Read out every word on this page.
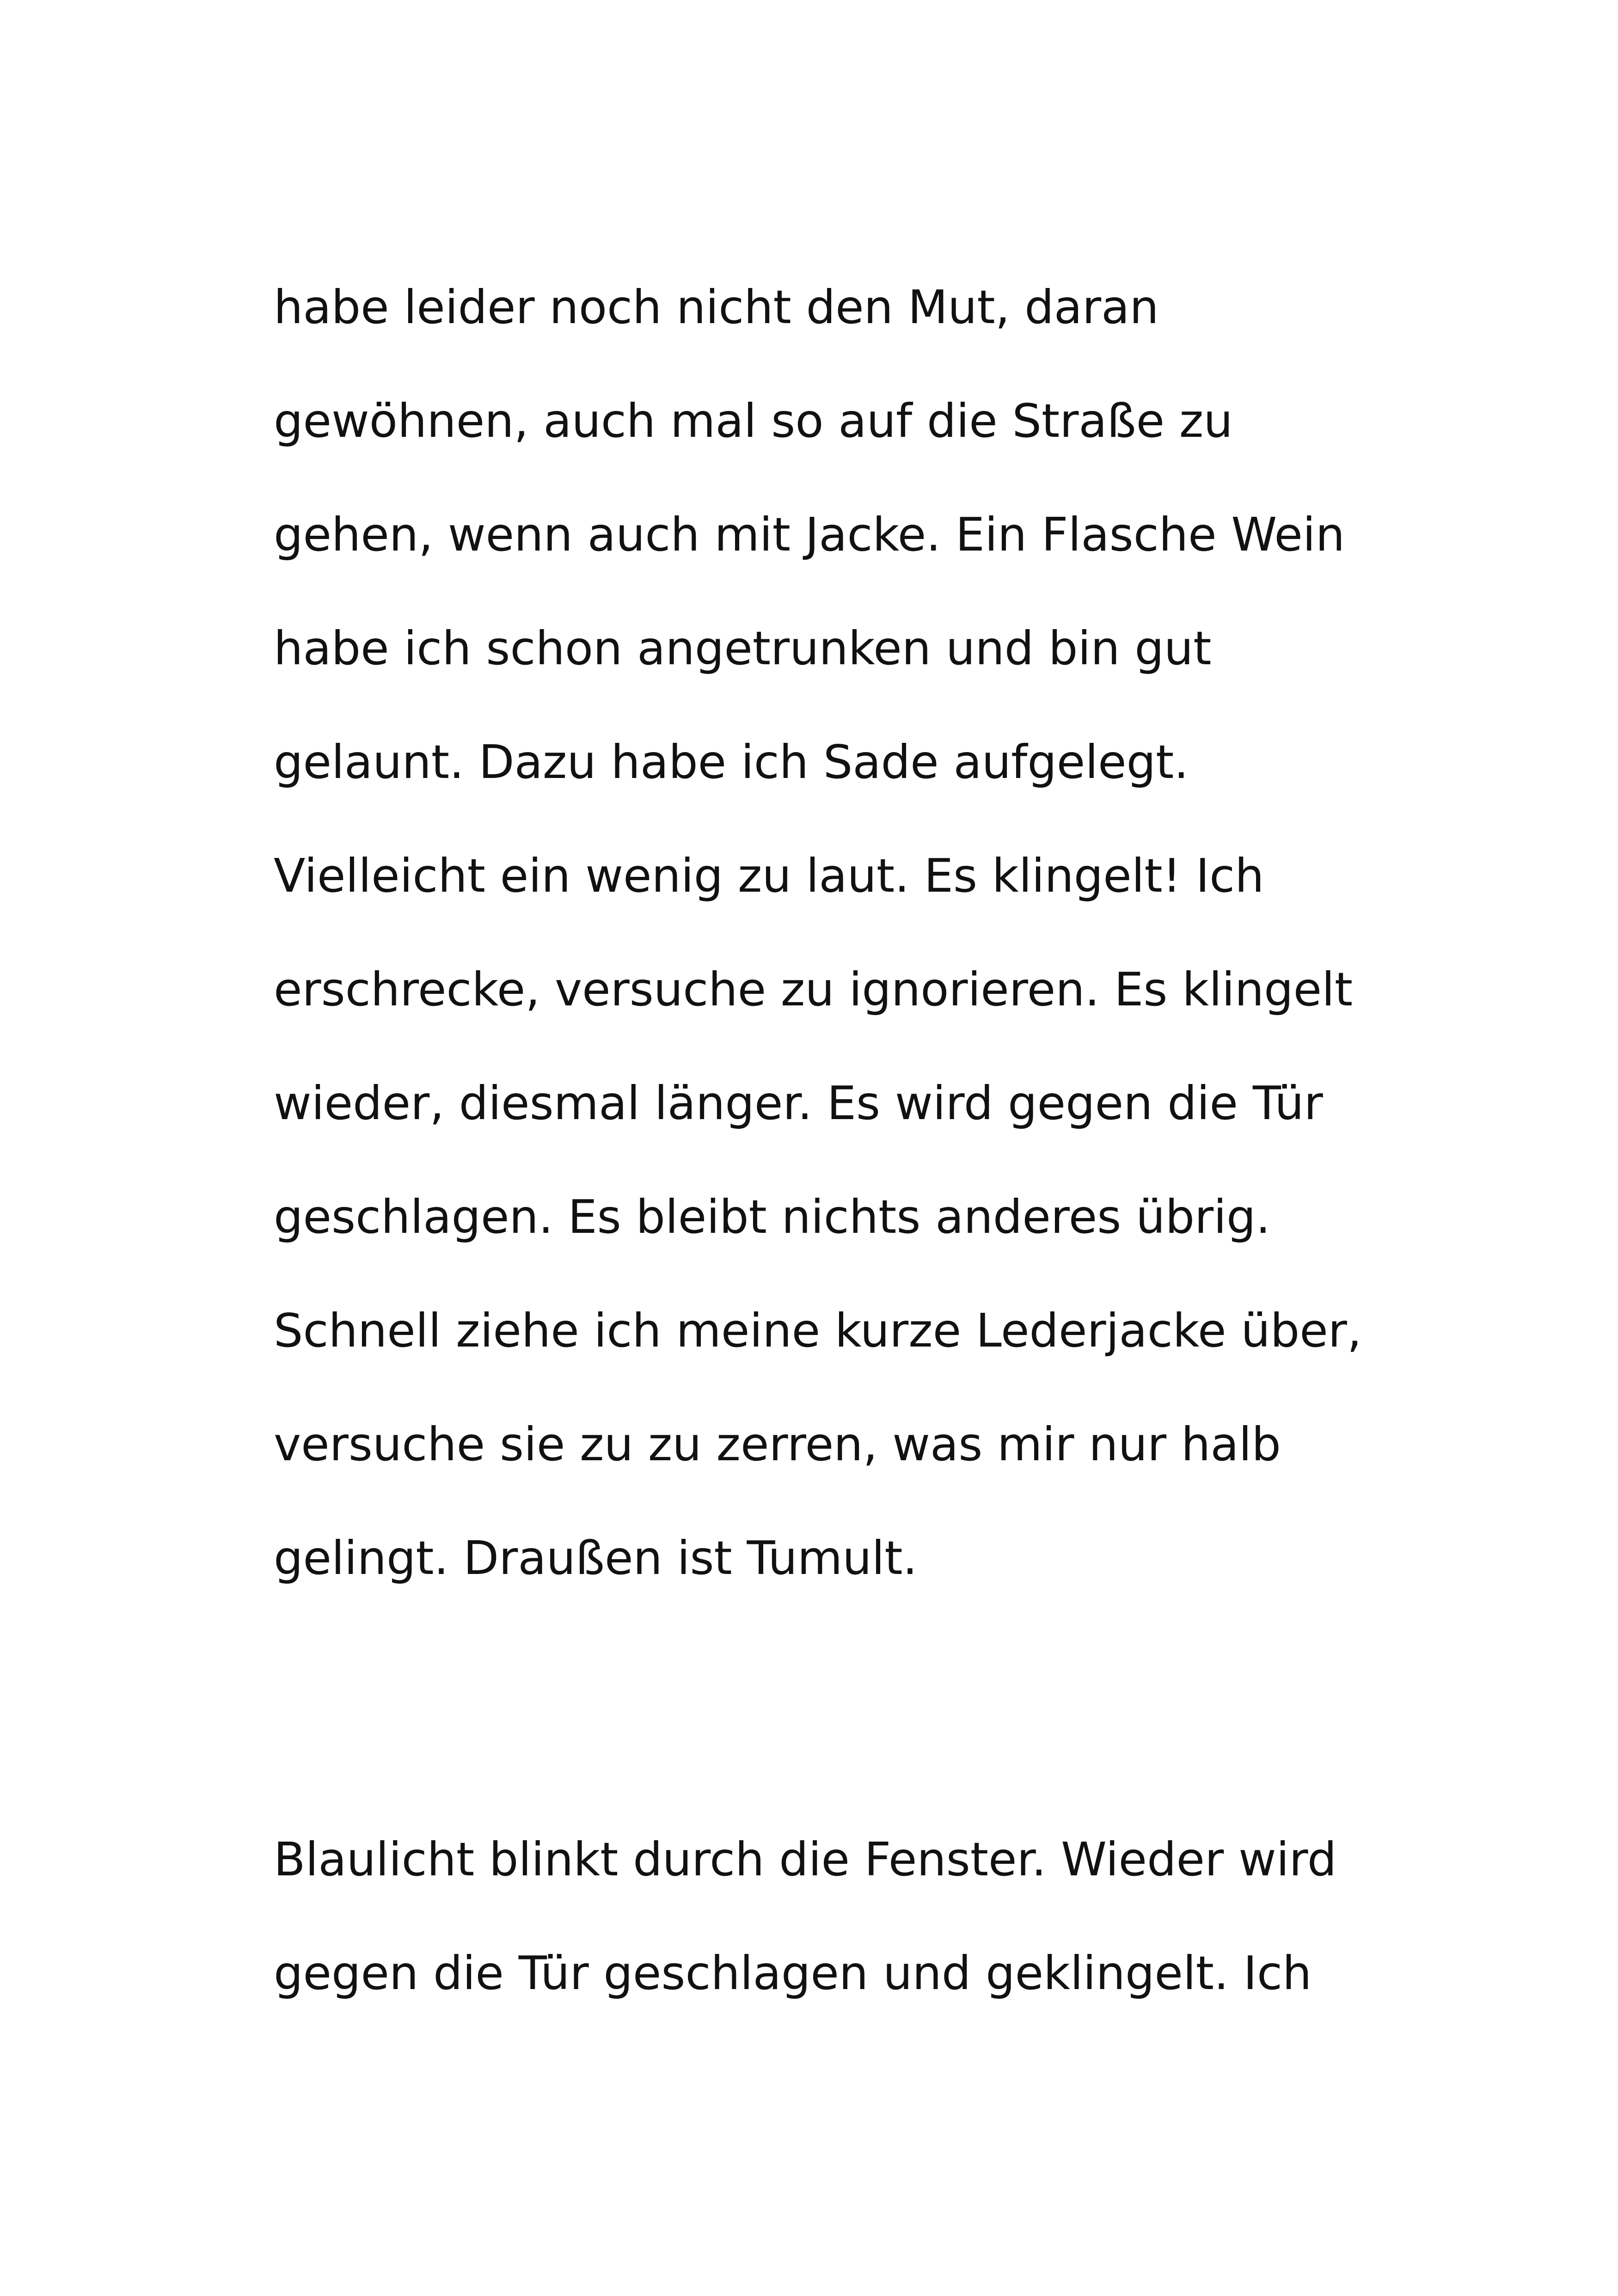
habe leider noch nicht den Mut, daran
gewöhnen, auch mal so auf die Straße zu
gehen, wenn auch mit Jacke. Ein Flasche Wein
habe ich schon angetrunken und bin gut
gelaunt. Dazu habe ich Sade aufgelegt.
Vielleicht ein wenig zu laut. Es klingelt! Ich
erschrecke, versuche zu ignorieren. Es klingelt
wieder, diesmal länger. Es wird gegen die Tür
geschlagen. Es bleibt nichts anderes übrig.
Schnell ziehe ich meine kurze Lederjacke über,
versuche sie zu zu zerren, was mir nur halb
gelingt. Draußen ist Tumult.
Blaulicht blinkt durch die Fenster. Wieder wird
gegen die Tür geschlagen und geklingelt. Ich
